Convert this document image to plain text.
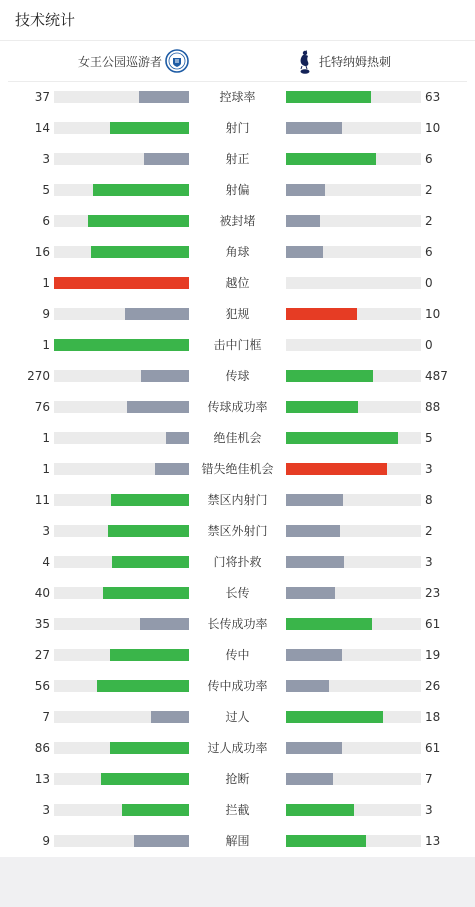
技术统计
女王公园巡游者	托特纳姆热刺
37	控球率	63
14	射门	10
3	射正	6
5	射偏	2
6	被封堵	2
16	角球	6
1	越位	0
9	犯规	10
1	击中门框	0
270	传球	487
76	传球成功率	88
1	绝佳机会	5
1	错失绝佳机会	3
11	禁区内射门	8
3	禁区外射门	2
4	门将扑救	3
40	长传	23
35	长传成功率	61
27	传中	19
56	传中成功率	26
7	过人	18
86	过人成功率	61
13	抢断	7
3	拦截	3
9	解围	13
